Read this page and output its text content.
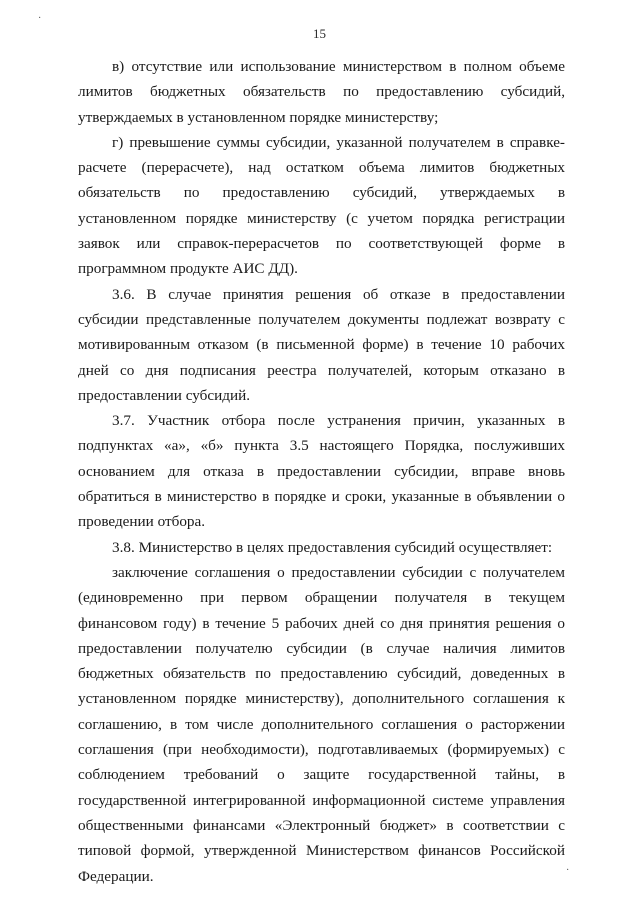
·
·
15

в) отсутствие или использование министерством в полном объеме лимитов бюджетных обязательств по предоставлению субсидий, утверждаемых в установленном порядке министерству;

г) превышение суммы субсидии, указанной получателем в справке-расчете (перерасчете), над остатком объема лимитов бюджетных обязательств по предоставлению субсидий, утверждаемых в установленном порядке министерству (с учетом порядка регистрации заявок или справок-перерасчетов по соответствующей форме в программном продукте АИС ДД).

3.6. В случае принятия решения об отказе в предоставлении субсидии представленные получателем документы подлежат возврату с мотивированным отказом (в письменной форме) в течение 10 рабочих дней со дня подписания реестра получателей, которым отказано в предоставлении субсидий.

3.7. Участник отбора после устранения причин, указанных в подпунктах «а», «б» пункта 3.5 настоящего Порядка, послуживших основанием для отказа в предоставлении субсидии, вправе вновь обратиться в министерство в порядке и сроки, указанные в объявлении о проведении отбора.

3.8. Министерство в целях предоставления субсидий осуществляет:

заключение соглашения о предоставлении субсидии с получателем (единовременно при первом обращении получателя в текущем финансовом году) в течение 5 рабочих дней со дня принятия решения о предоставлении получателю субсидии (в случае наличия лимитов бюджетных обязательств по предоставлению субсидий, доведенных в установленном порядке министерству), дополнительного соглашения к соглашению, в том числе дополнительного соглашения о расторжении соглашения (при необходимости), подготавливаемых (формируемых) с соблюдением требований о защите государственной тайны, в государственной интегрированной информационной системе управления общественными финансами «Электронный бюджет» в соответствии с типовой формой, утвержденной Министерством финансов Российской Федерации.
